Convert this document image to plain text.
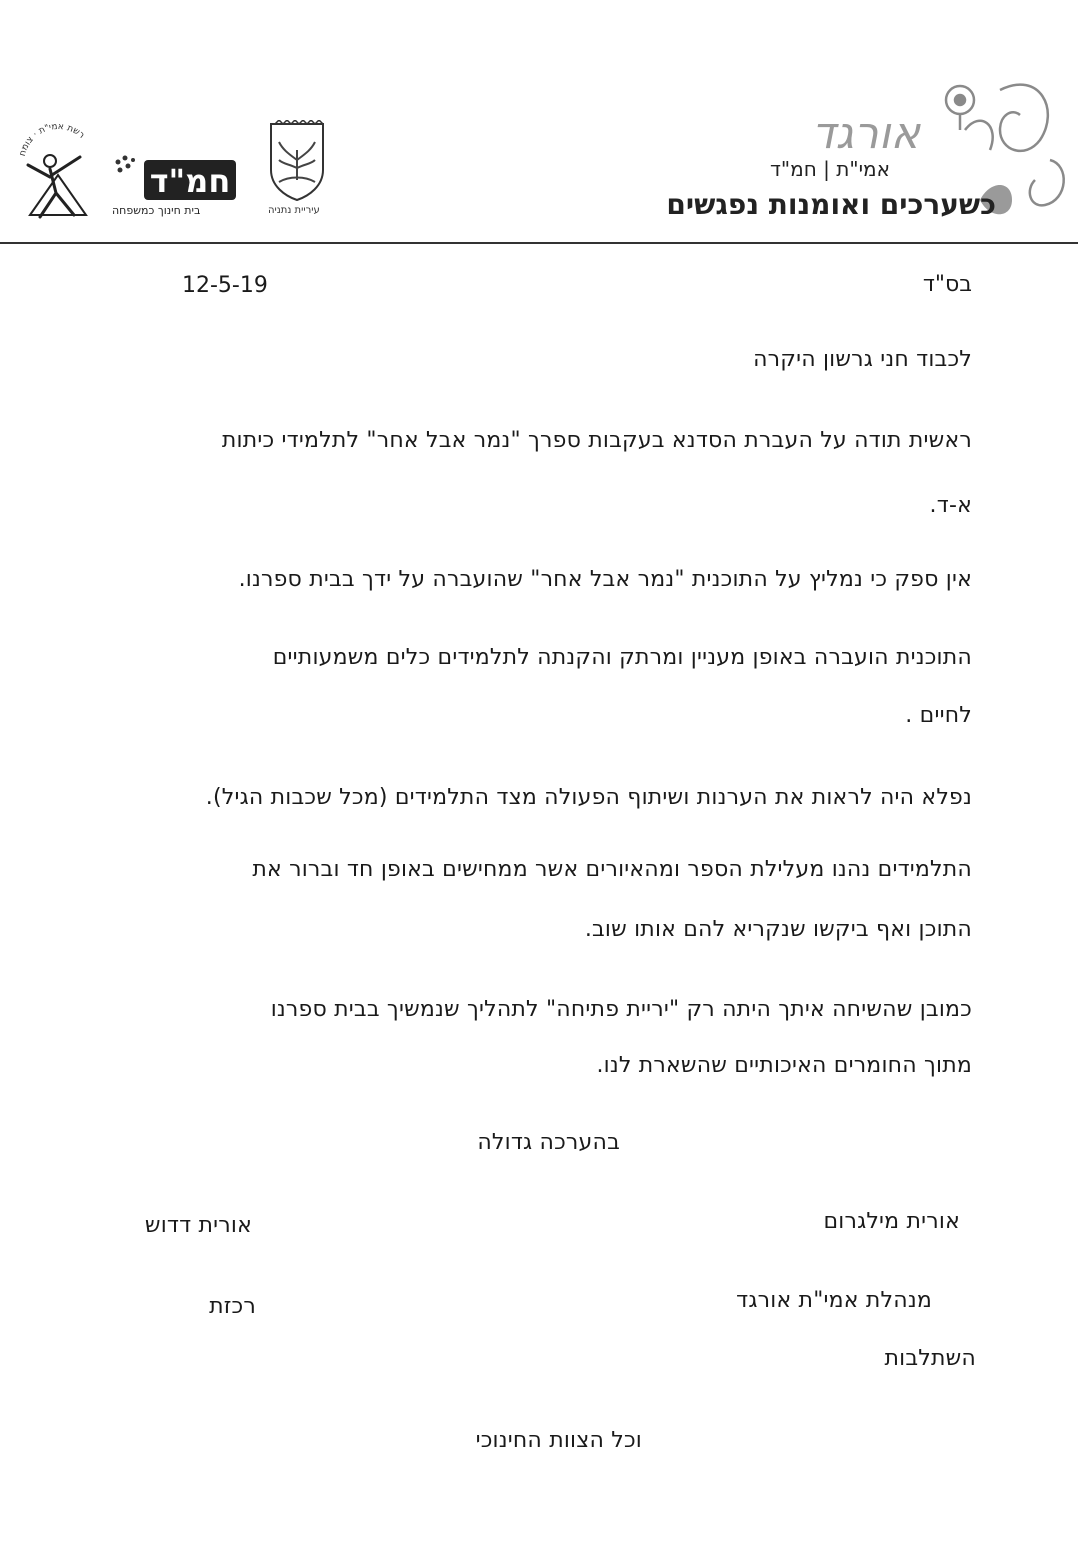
אורגד
אמי"ת | חמ"ד
כשערכים ואומנות נפגשים
עיריית נתניה
חמ"ד
בית חינוך כמשפחה
רשת אמי"ת · צומח
בס"ד
12-5-19
לכבוד חני גרשון היקרה
ראשית תודה על העברת הסדנא בעקבות ספרך "נמר אבל אחר" לתלמידי כיתות
א-ד.
אין ספק כי נמליץ על התוכנית "נמר אבל אחר" שהועברה על ידך בבית ספרנו.
התוכנית הועברה באופן מעניין ומרתק והקנתה לתלמידים כלים משמעותיים
לחיים .
נפלא היה לראות את הערנות ושיתוף הפעולה מצד התלמידים (מכל שכבות הגיל).
התלמידים נהנו מעלילת הספר ומהאיורים אשר ממחישים באופן חד וברור את
התוכן ואף ביקשו שנקריא להם אותו שוב.
כמובן שהשיחה איתך היתה רק "יריית פתיחה" לתהליך שנמשיך בבית ספרנו
מתוך החומרים האיכותיים שהשארת לנו.
בהערכה גדולה
אורית מילגרום
מנהלת אמי"ת אורגד
אורית דדוש
רכזת
השתלבות
וכל הצוות החינוכי
